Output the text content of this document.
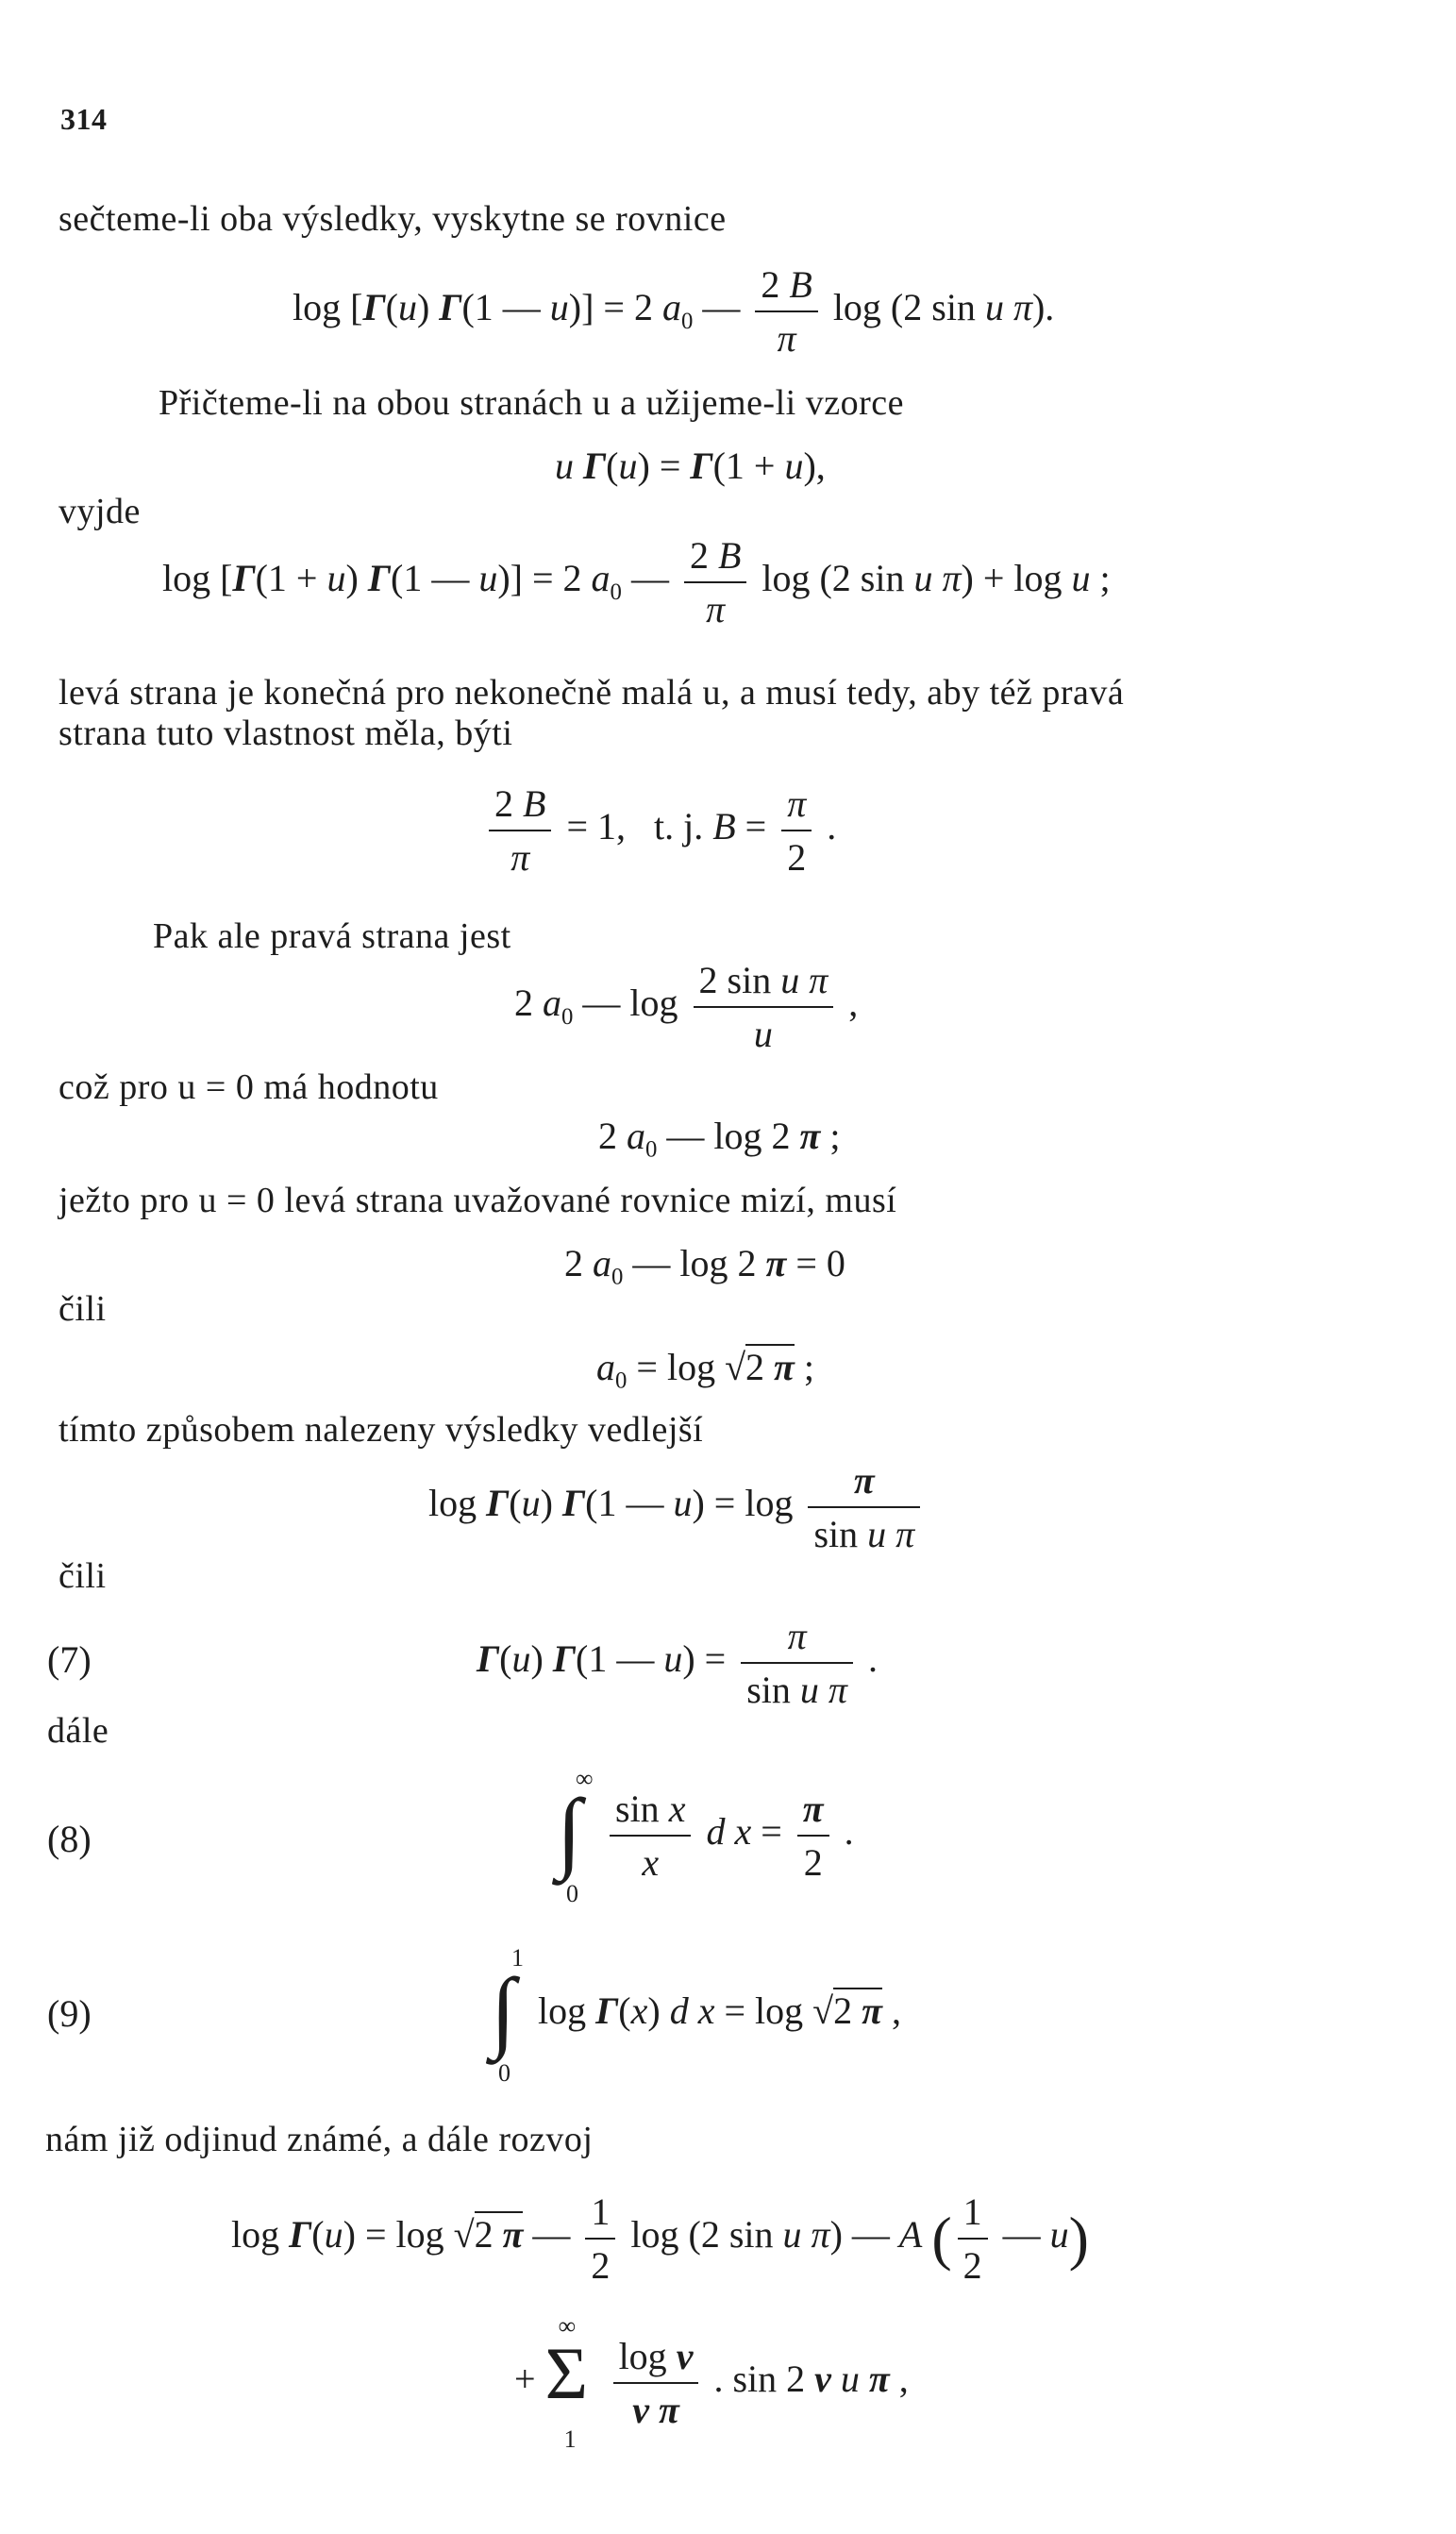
314
sečteme-li oba výsledky, vyskytne se rovnice
log [Γ(u) Γ(1 — u)] = 2 $a_0$ — $\frac{2 B}{\pi}$ log (2 sin u π).
Přičteme-li na obou stranách u a užijeme-li vzorce
u Γ(u) = Γ(1 + u),
vyjde
log [Γ(1 + u) Γ(1 — u)] = 2 $a_0$ — $\frac{2 B}{\pi}$ log (2 sin u π) + log u ;
levá strana je konečná pro nekonečně malá u, a musí tedy, aby též pravá
strana tuto vlastnost měla, býti
$\frac{2 B}{\pi} = 1$,   t. j. $B = \frac{\pi}{2}$ .
Pak ale pravá strana jest
2 $a_0$ — $\log \frac{\text{2 sin u π}}{u}$ ,
což pro u = 0 má hodnotu
2 $a_0$ — log 2 π ;
ježto pro u = 0 levá strana uvažované rovnice mizí, musí
2 $a_0$ — log 2 π = 0
čili
$a_0 = \log √2$ π ;
tímto způsobem nalezeny výsledky vedlejší
log Γ(u) Γ(1 — $u) = \log \frac{\pi}{\text{sin u π}}$
čili
(7)	Γ(u) Γ(1 — $u) = \frac{\pi}{\text{sin u π}}$ .
dále
(8)
∞
∫
0

$\frac{\text{sin x}}{x}$ d $x = \frac{\pi}{2}$ .
(9)
1
∫
0
log Γ(x) d x = log √2 π ,
nám již odjinud známé, a dále rozvoj
log Γ(u) = log √2 π — $\frac{1}{2}$ log (2 sin u π) — A ( $\frac{1}{2}$ — u)
+
∞
Σ
1

$\frac{\text{log ν}}{\text{ν π}}$ . sin 2 ν u π ,
